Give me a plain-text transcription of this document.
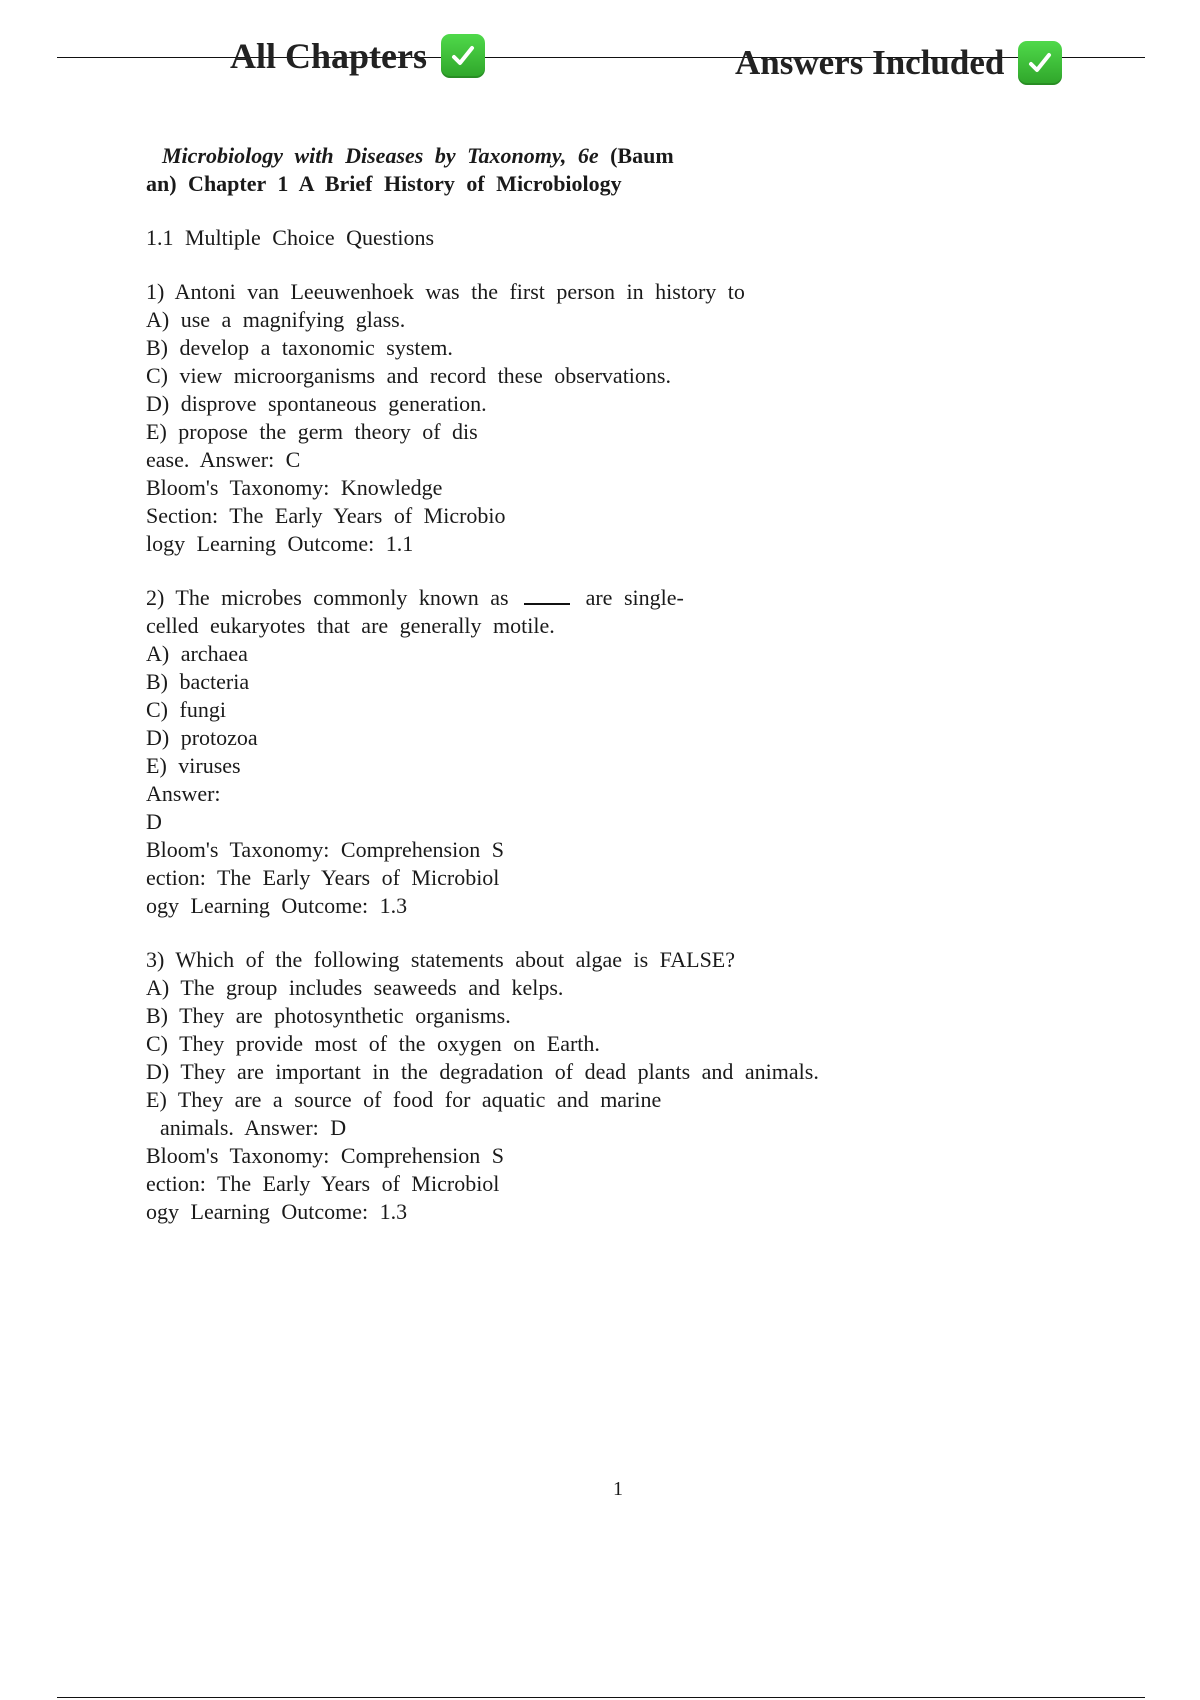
All Chapters	Answers Included
Microbiology with Diseases by Taxonomy, 6e (Baum
an) Chapter 1 A Brief History of Microbiology
1.1 Multiple Choice Questions
1) Antoni van Leeuwenhoek was the first person in history to
A) use a magnifying glass.
B) develop a taxonomic system.
C) view microorganisms and record these observations.
D) disprove spontaneous generation.
E) propose the germ theory of dis
ease. Answer: C
Bloom's Taxonomy: Knowledge
Section: The Early Years of Microbio
logy Learning Outcome: 1.1
2) The microbes commonly known as	are single-
celled eukaryotes that are generally motile.
A) archaea
B) bacteria
C) fungi
D) protozoa
E) viruses
Answer:
D
Bloom's Taxonomy: Comprehension S
ection: The Early Years of Microbiol
ogy Learning Outcome: 1.3
3) Which of the following statements about algae is FALSE?
A) The group includes seaweeds and kelps.
B) They are photosynthetic organisms.
C) They provide most of the oxygen on Earth.
D) They are important in the degradation of dead plants and animals.
E) They are a source of food for aquatic and marine
animals. Answer: D
Bloom's Taxonomy: Comprehension S
ection: The Early Years of Microbiol
ogy Learning Outcome: 1.3
1
